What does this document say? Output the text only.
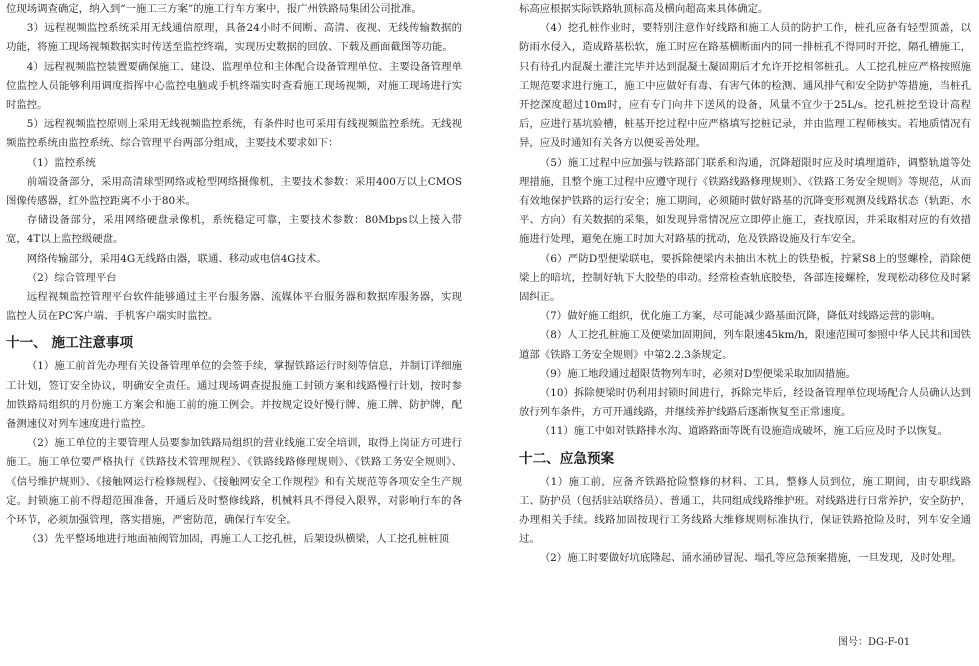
位现场调查确定，纳入到“一施工三方案”的施工行车方案中，报广州铁路局集团公司批准。

3）远程视频监控系统采用无线通信原理，具备24小时不间断、高清、夜视、无线传输数据的功能，将施工现场视频数据实时传送至监控终端，实现历史数据的回放、下载及画面截图等功能。

4）远程视频监控装置要确保施工、建设、监理单位和主体配合设备管理单位、主要设备管理单位监控人员能够利用调度指挥中心监控电脑或手机终端实时查看施工现场视频，对施工现场进行实时监控。

5）远程视频监控原则上采用无线视频监控系统，有条件时也可采用有线视频监控系统。无线视频监控系统由监控系统、综合管理平台两部分组成，主要技术要求如下：

（1）监控系统

前端设备部分，采用高清球型网络或枪型网络摄像机，主要技术参数：采用400万以上CMOS图像传感器，红外监控距离不小于80米。

存储设备部分，采用网络硬盘录像机，系统稳定可靠，主要技术参数：80Mbps以上接入带宽，4T以上监控级硬盘。

网络传输部分，采用4G无线路由器，联通、移动或电信4G技术。

（2）综合管理平台

远程视频监控管理平台软件能够通过主平台服务器、流媒体平台服务器和数据库服务器，实现监控人员在PC客户端、手机客户端实时监控。

十一、 施工注意事项

（1）施工前首先办理有关设备管理单位的会签手续，掌握铁路运行时刻等信息，并制订详细施工计划，签订安全协议，明确安全责任。通过现场调查提报施工封锁方案和线路慢行计划，按时参加铁路局组织的月份施工方案会和施工前的施工例会。并按规定设好慢行牌、施工牌、防护牌，配备测速仪对列车速度进行监控。

（2）施工单位的主要管理人员要参加铁路局组织的营业线施工安全培训，取得上岗证方可进行施工。施工单位要严格执行《铁路技术管理规程》、《铁路线路修理规则》、《铁路工务安全规则》、《信号维护规则》、《接触网运行检修规程》、《接触网安全工作规程》和有关规范等各项安全生产规定。封锁施工前不得超范围准备，开通后及时整修线路，机械料具不得侵入限界，对影响行车的各个环节，必须加强管理，落实措施，严密防范，确保行车安全。

（3）先平整场地进行地面袖阀管加固，再施工人工挖孔桩，后架设纵横梁，人工挖孔桩桩顶

标高应根据实际铁路轨顶标高及横向超高来具体确定。

（4）挖孔桩作业时，要特别注意作好线路和施工人员的防护工作，桩孔应备有轻型顶盖，以防雨水侵入，造成路基松软，施工时应在路基横断面内的同一排桩孔不得同时开挖，隔孔槽施工，只有待孔内混凝土灌注完毕并达到混凝土凝固期后才允许开挖相邻桩孔。人工挖孔桩应严格按照施工规范要求进行施工，施工中应做好有毒、有害气体的检测、通风排气和安全防护等措施，当桩孔开挖深度超过10m时，应有专门向井下送风的设备，风量不宜少于25L/s。挖孔桩挖至设计高程后，应进行基坑验槽，桩基开挖过程中应严格填写挖桩记录，并由监理工程师核实。若地质情况有异，应及时通知有关各方以便妥善处理。

（5）施工过程中应加强与铁路部门联系和沟通，沉降超限时应及时填埋道砟，调整轨道等处理措施，且整个施工过程中应遵守现行《铁路线路修理规则》、《铁路工务安全规则》等规范，从而有效地保护铁路的运行安全；施工期间，必须随时做好路基的沉降变形观测及线路状态（轨距、水平、方向）有关数据的采集，如发现异常情况应立即停止施工，查找原因，并采取相对应的有效措施进行处理，避免在施工时加大对路基的扰动，危及铁路设施及行车安全。

（6）严防D型便梁联电，要拆除便梁内未抽出木枕上的铁垫板，拧紧S8上的竖螺栓，消除便梁上的暗坑，控制好轨下大胶垫的串动。经常检查轨底胶垫，各部连接螺栓，发现松动移位及时紧固纠正。

（7）做好施工组织，优化施工方案，尽可能减少路基面沉降，降低对线路运营的影响。

（8）人工挖孔桩施工及便梁加固期间，列车限速45km/h，限速范围可参照中华人民共和国铁道部《铁路工务安全规则》中第2.2.3条规定。

（9）施工地段通过超限货物列车时，必须对D型便梁采取加固措施。

（10）拆除便梁时仍利用封锁时间进行，拆除完毕后，经设备管理单位现场配合人员确认达到放行列车条件，方可开通线路，并继续养护线路后逐渐恢复至正常速度。

（11）施工中如对铁路排水沟、道路路面等既有设施造成破坏，施工后应及时予以恢复。

十二、应急预案

（1）施工前，应备齐铁路抢险整修的材料、工具，整修人员到位，施工期间，由专职线路工、防护员（包括驻站联络员）、普通工，共同组成线路维护班。对线路进行日常养护，安全防护，办理相关手续。线路加固按现行工务线路大维修规则标准执行，保证铁路抢险及时，列车安全通过。

（2）施工时要做好坑底隆起、涌水涌砂冒泥、塌孔等应急预案措施，一旦发现，及时处理。

图号：DG-F-01
